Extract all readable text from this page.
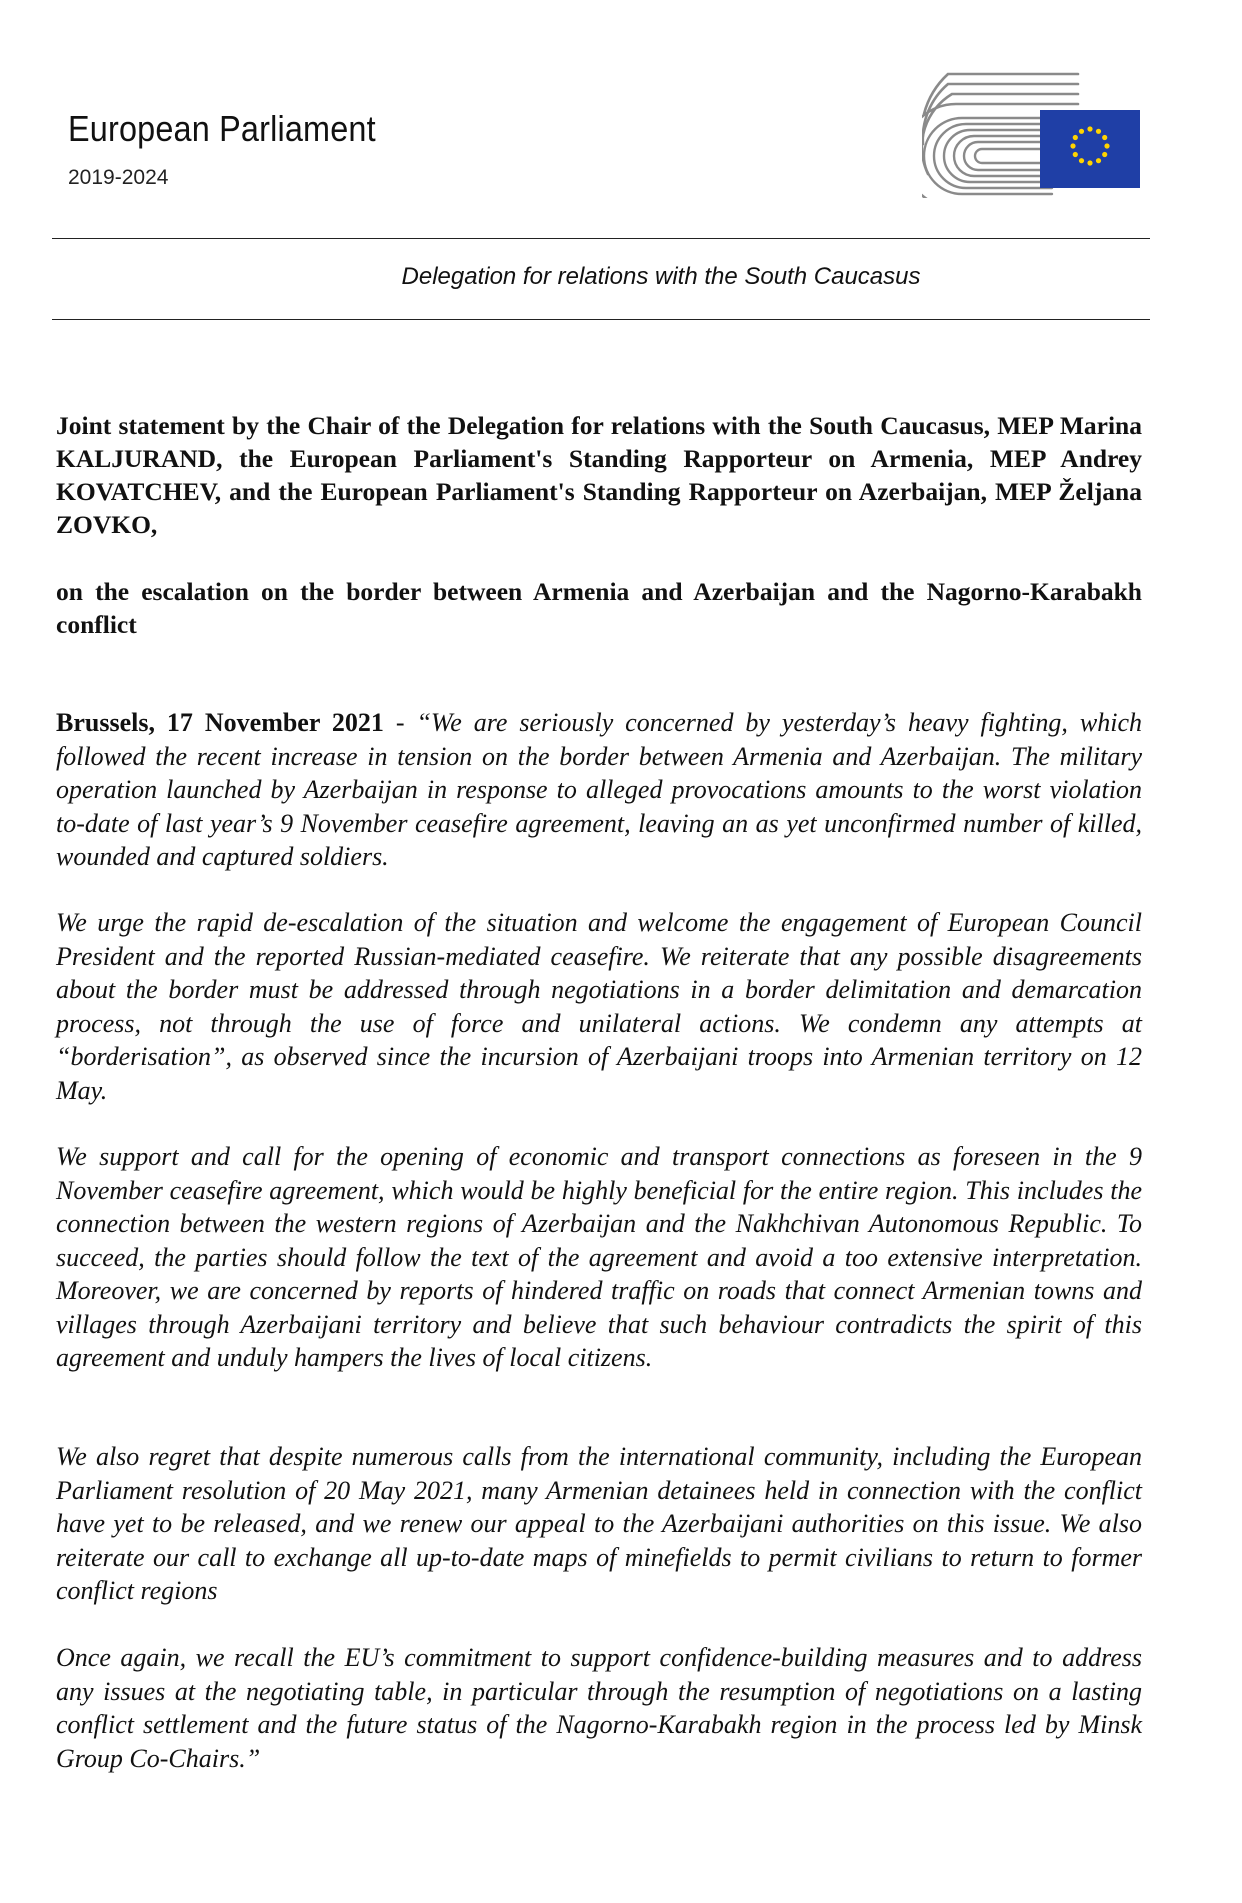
European Parliament
2019-2024
Delegation for relations with the South Caucasus
Joint statement by the Chair of the Delegation for relations with the South Caucasus, MEP Marina KALJURAND, the European Parliament's Standing Rapporteur on Armenia, MEP Andrey KOVATCHEV, and the European Parliament's Standing Rapporteur on Azerbaijan, MEP Željana ZOVKO,
on the escalation on the border between Armenia and Azerbaijan and the Nagorno-Karabakh conflict
Brussels, 17 November 2021 - “We are seriously concerned by yesterday’s heavy fighting, which followed the recent increase in tension on the border between Armenia and Azerbaijan. The military operation launched by Azerbaijan in response to alleged provocations amounts to the worst violation to-date of last year’s 9 November ceasefire agreement, leaving an as yet unconfirmed number of killed, wounded and captured soldiers.
We urge the rapid de-escalation of the situation and welcome the engagement of European Council President and the reported Russian-mediated ceasefire. We reiterate that any possible disagreements about the border must be addressed through negotiations in a border delimitation and demarcation process, not through the use of force and unilateral actions. We condemn any attempts at “borderisation”, as observed since the incursion of Azerbaijani troops into Armenian territory on 12 May.
We support and call for the opening of economic and transport connections as foreseen in the 9 November ceasefire agreement, which would be highly beneficial for the entire region. This includes the connection between the western regions of Azerbaijan and the Nakhchivan Autonomous Republic. To succeed, the parties should follow the text of the agreement and avoid a too extensive interpretation. Moreover, we are concerned by reports of hindered traffic on roads that connect Armenian towns and villages through Azerbaijani territory and believe that such behaviour contradicts the spirit of this agreement and unduly hampers the lives of local citizens.
We also regret that despite numerous calls from the international community, including the European Parliament resolution of 20 May 2021, many Armenian detainees held in connection with the conflict have yet to be released, and we renew our appeal to the Azerbaijani authorities on this issue. We also reiterate our call to exchange all up-to-date maps of minefields to permit civilians to return to former conflict regions
Once again, we recall the EU’s commitment to support confidence-building measures and to address any issues at the negotiating table, in particular through the resumption of negotiations on a lasting conflict settlement and the future status of the Nagorno-Karabakh region in the process led by Minsk Group Co-Chairs.”
